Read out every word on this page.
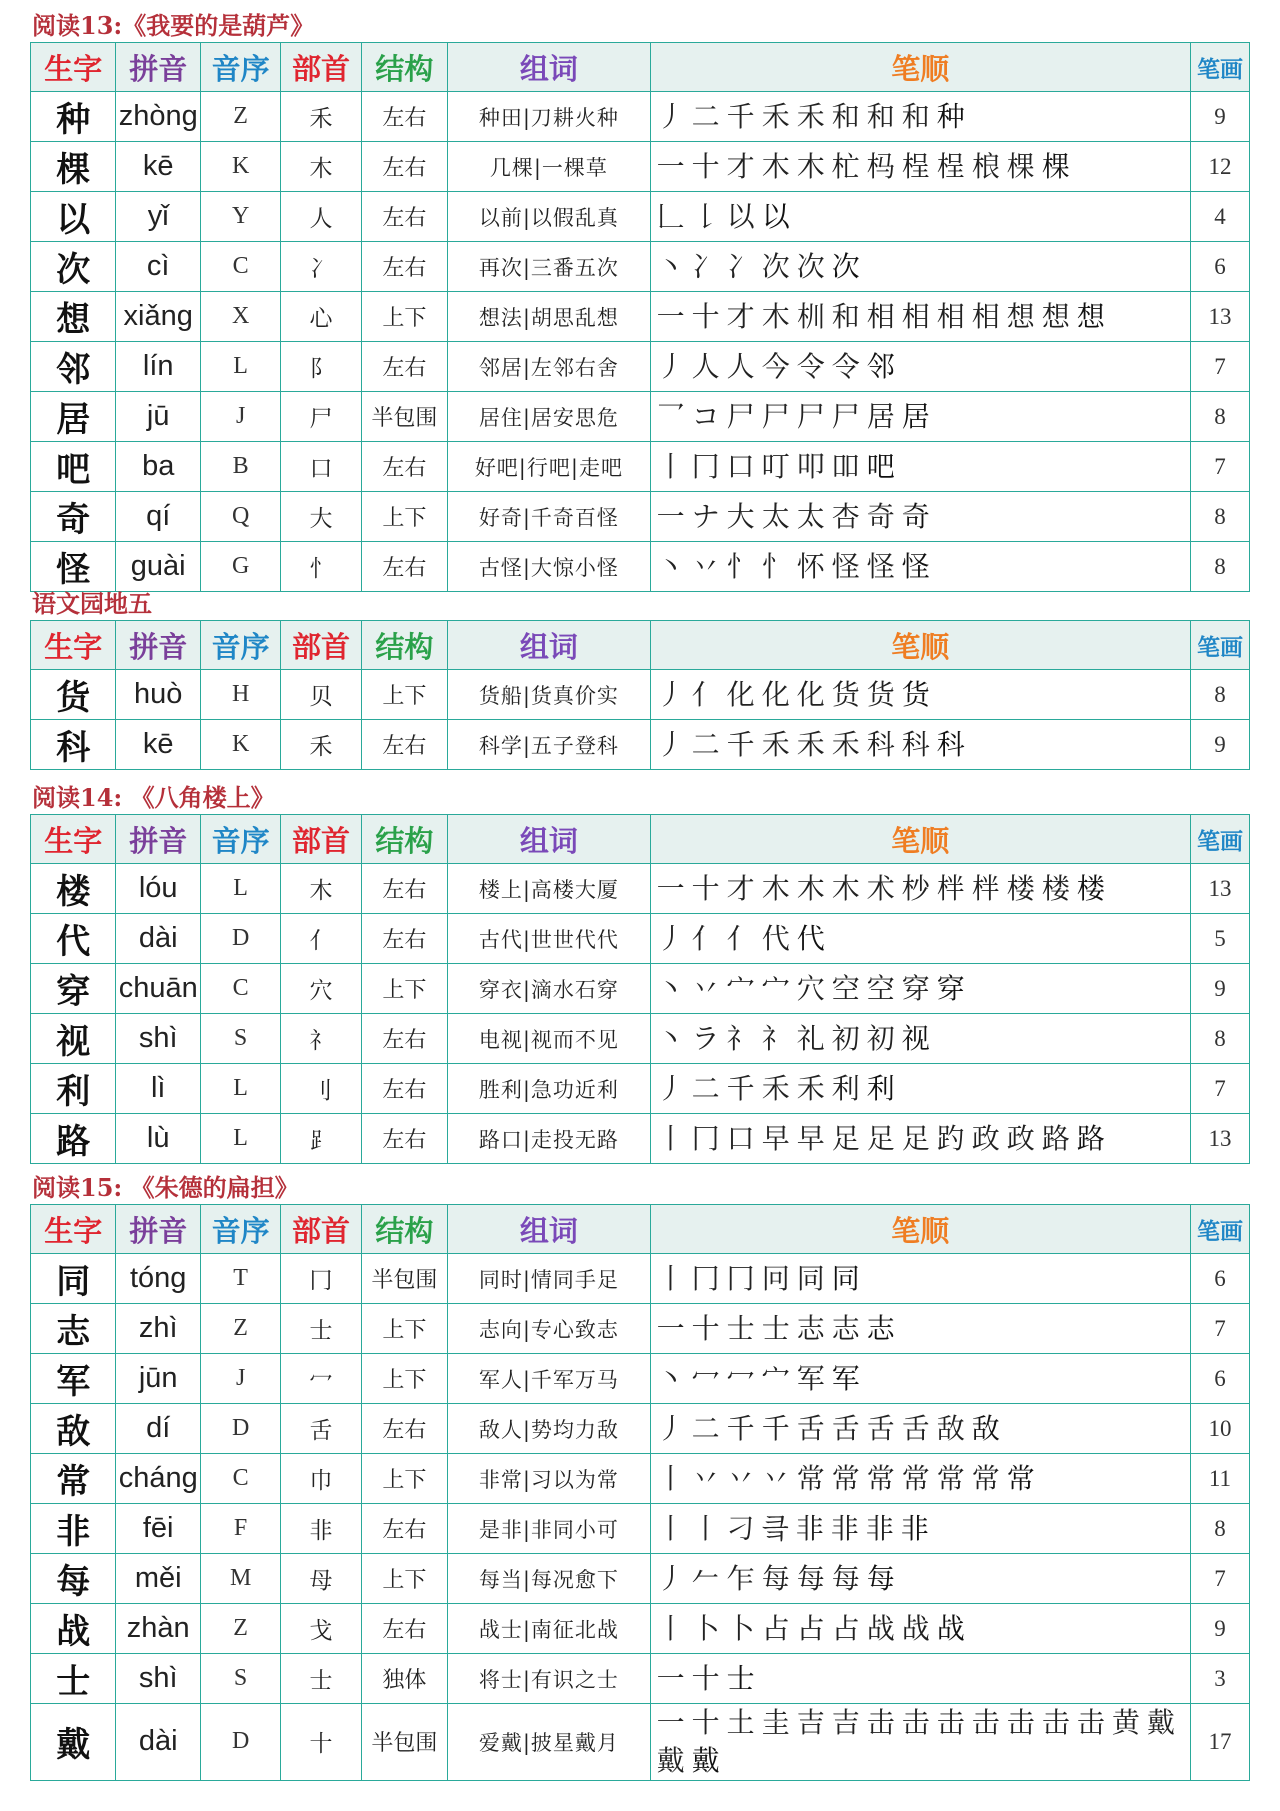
阅读13:《我要的是葫芦》
生字	拼音	音序	部首	结构	组词	笔顺	笔画
种	zhòng	Z	禾	左右	种田|刀耕火种	丿 二 千 禾 禾 和 和 和 种	9
棵	kē	K	木	左右	几棵|一棵草	一 十 才 木 木 杧 杩 桯 桯 桹 棵 棵	12
以	yǐ	Y	人	左右	以前|以假乱真	𠃊 𠄌 以 以	4
次	cì	C	冫	左右	再次|三番五次	丶 冫 冫 次 次 次	6
想	xiǎng	X	心	上下	想法|胡思乱想	一 十 才 木 杊 和 相 相 相 相 想 想 想	13
邻	lín	L	阝	左右	邻居|左邻右舍	丿 人 人 今 令 令 邻	7
居	jū	J	尸	半包围	居住|居安思危	乛 コ 尸 尸 尸 尸 居 居	8
吧	ba	B	口	左右	好吧|行吧|走吧	丨 冂 口 叮 叩 吅 吧	7
奇	qí	Q	大	上下	好奇|千奇百怪	一 ナ 大 太 太 杏 奇 奇	8
怪	guài	G	忄	左右	古怪|大惊小怪	丶 丷 忄 忄 怀 怪 怪 怪	8
语文园地五
生字	拼音	音序	部首	结构	组词	笔顺	笔画
货	huò	H	贝	上下	货船|货真价实	丿 亻 化 化 化 货 货 货	8
科	kē	K	禾	左右	科学|五子登科	丿 二 千 禾 禾 禾 科 科 科	9
阅读14: 《八角楼上》
生字	拼音	音序	部首	结构	组词	笔顺	笔画
楼	lóu	L	木	左右	楼上|高楼大厦	一 十 才 木 木 木 术 杪 柈 柈 楼 楼 楼	13
代	dài	D	亻	左右	古代|世世代代	丿 亻 亻 代 代	5
穿	chuān	C	穴	上下	穿衣|滴水石穿	丶 丷 宀 宀 穴 空 空 穿 穿	9
视	shì	S	礻	左右	电视|视而不见	丶 ラ 礻 礻 礼 初 初 视	8
利	lì	L	刂	左右	胜利|急功近利	丿 二 千 禾 禾 利 利	7
路	lù	L	⻊	左右	路口|走投无路	丨 冂 口 早 早 足 足 足 趵 政 政 路 路	13
阅读15: 《朱德的扁担》
生字	拼音	音序	部首	结构	组词	笔顺	笔画
同	tóng	T	冂	半包围	同时|情同手足	丨 冂 冂 冋 同 同	6
志	zhì	Z	士	上下	志向|专心致志	一 十 士 士 志 志 志	7
军	jūn	J	冖	上下	军人|千军万马	丶 冖 冖 宀 军 军	6
敌	dí	D	舌	左右	敌人|势均力敌	丿 二 千 千 舌 舌 舌 舌 敌 敌	10
常	cháng	C	巾	上下	非常|习以为常	丨 丷 丷 丷 常 常 常 常 常 常 常	11
非	fēi	F	非	左右	是非|非同小可	丨 丨 刁 킄 非 非 非 非	8
每	měi	M	母	上下	每当|每况愈下	丿 𠂉 乍 每 每 每 每	7
战	zhàn	Z	戈	左右	战士|南征北战	丨 卜 卜 占 占 占 战 战 战	9
士	shì	S	士	独体	将士|有识之士	一 十 士	3
戴	dài	D	十	半包围	爱戴|披星戴月	一 十 土 圭 吉 吉 击 击 击 击 击 击 击 黄 戴戴 戴	17
